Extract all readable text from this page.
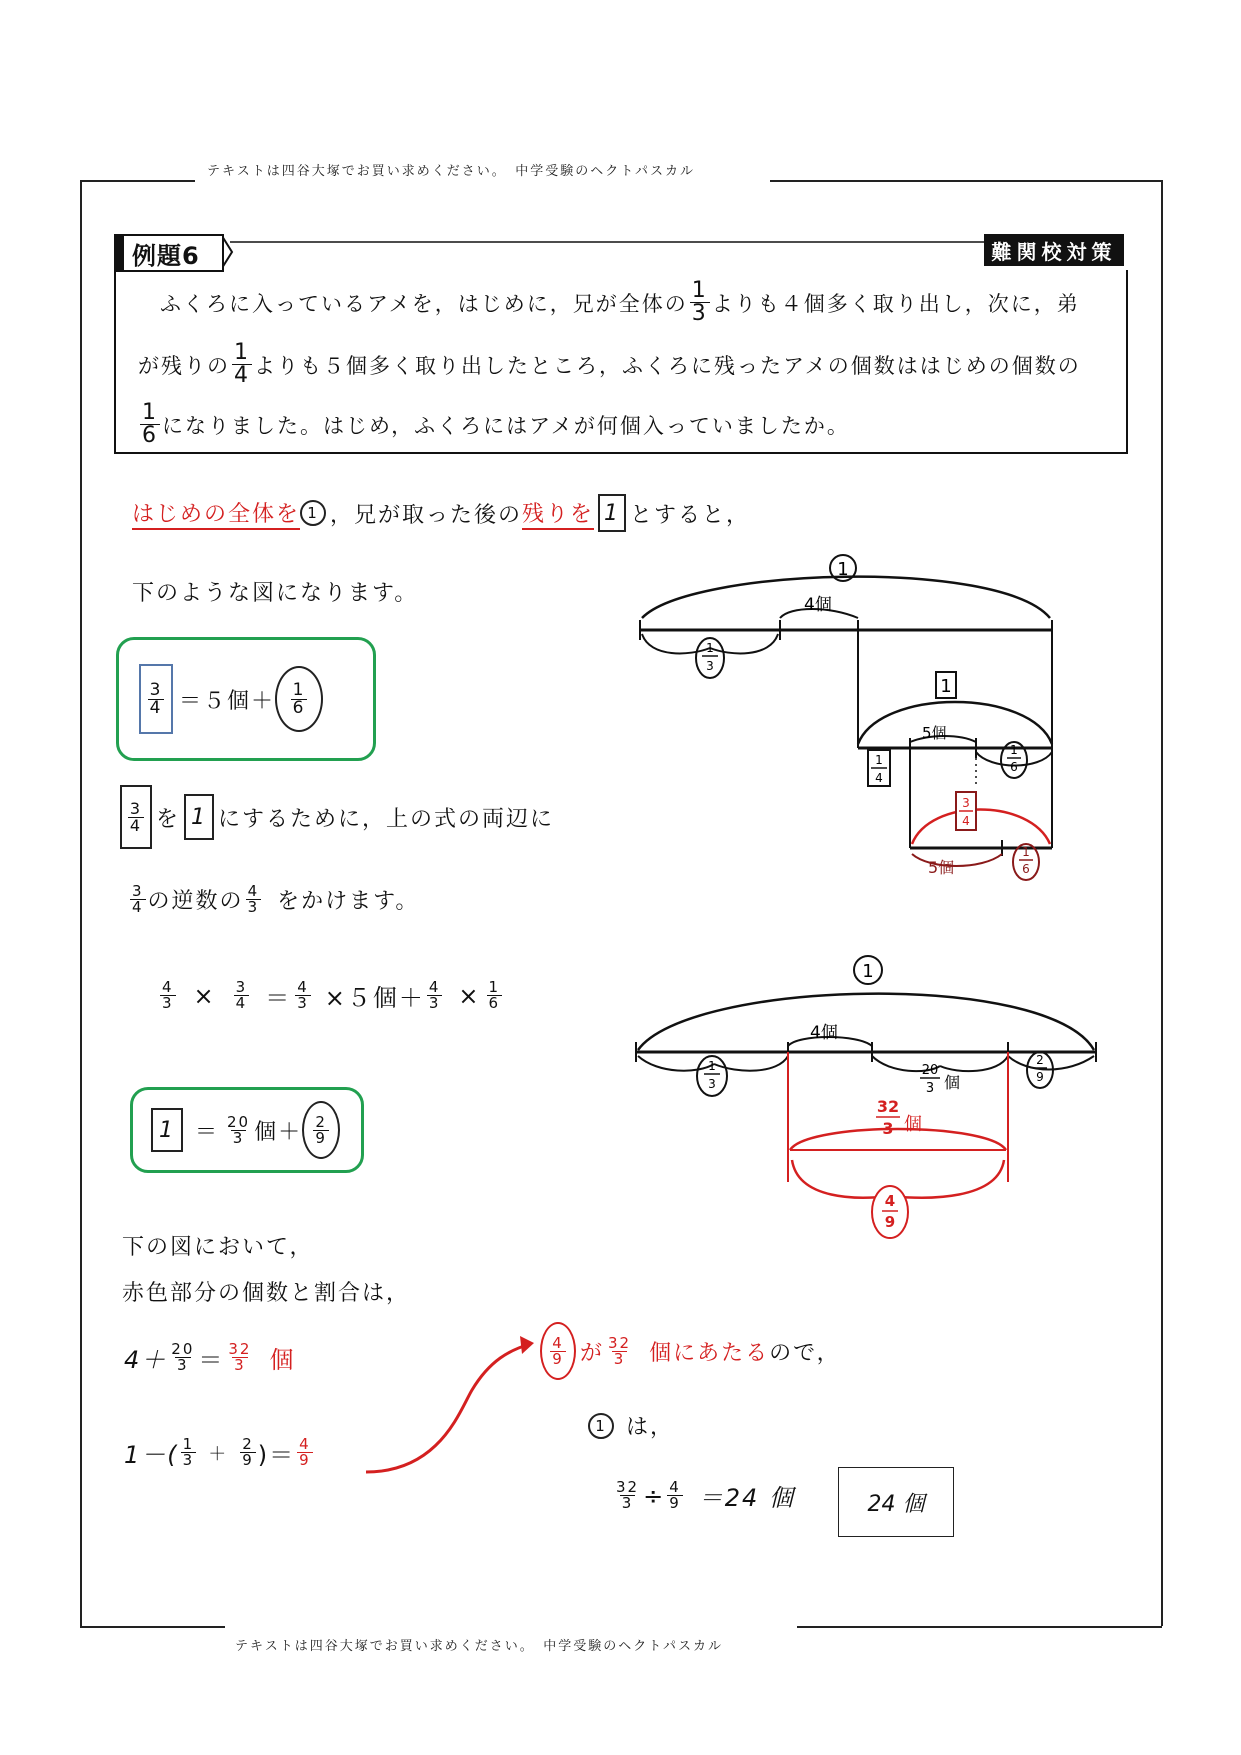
テキストは四谷大塚でお買い求めください。　中学受験のヘクトパスカル
テキストは四谷大塚でお買い求めください。　中学受験のヘクトパスカル
例題6	難関校対策
ふくろに入っているアメを，はじめに，兄が全体の $\frac{1}{3}$ よりも４個多く取り出し，次に，弟
が残りの $\frac{1}{4}$ よりも５個多く取り出したところ，ふくろに残ったアメの個数ははじめの個数の
$\frac{1}{6}$ になりました。はじめ，ふくろにはアメが何個入っていましたか。
はじめの全体を 1 ，兄が取った後の 残りを 1 とすると，
下のような図になります。
$\frac{3}{4} =5$個＋ $\frac{1}{6}$
$\frac{3}{4}$ を 1 にするために，上の式の両辺に
$\frac{3}{4}$ の逆数の $\frac{4}{3}$ をかけます。
$\frac{4}{3} \times \frac{3}{4} = \frac{4}{3} \times 5$個＋ $\frac{4}{3} \times \frac{1}{6}$
$1 = \frac{20}{3}$ 個＋ $\frac{2}{9}$
下の図において，
赤色部分の個数と割合は，
$4+ \frac{20}{3} = \frac{32}{3}$ 個
$1-( \frac{1}{3} + \frac{2}{9}$ )＝ $\frac{4}{9}$
$\frac{4}{9}$ が $\frac{32}{3}$ 個にあたる ので，
1 は，
$\frac{32}{3} \div \frac{4}{9} =24$ 個	24 個
1
1
3
4個
1
5個
1
4
1
6
3
4
5個
1
6
1
1
3
4個
20
3 個
2
9
32
3 個
4
9
